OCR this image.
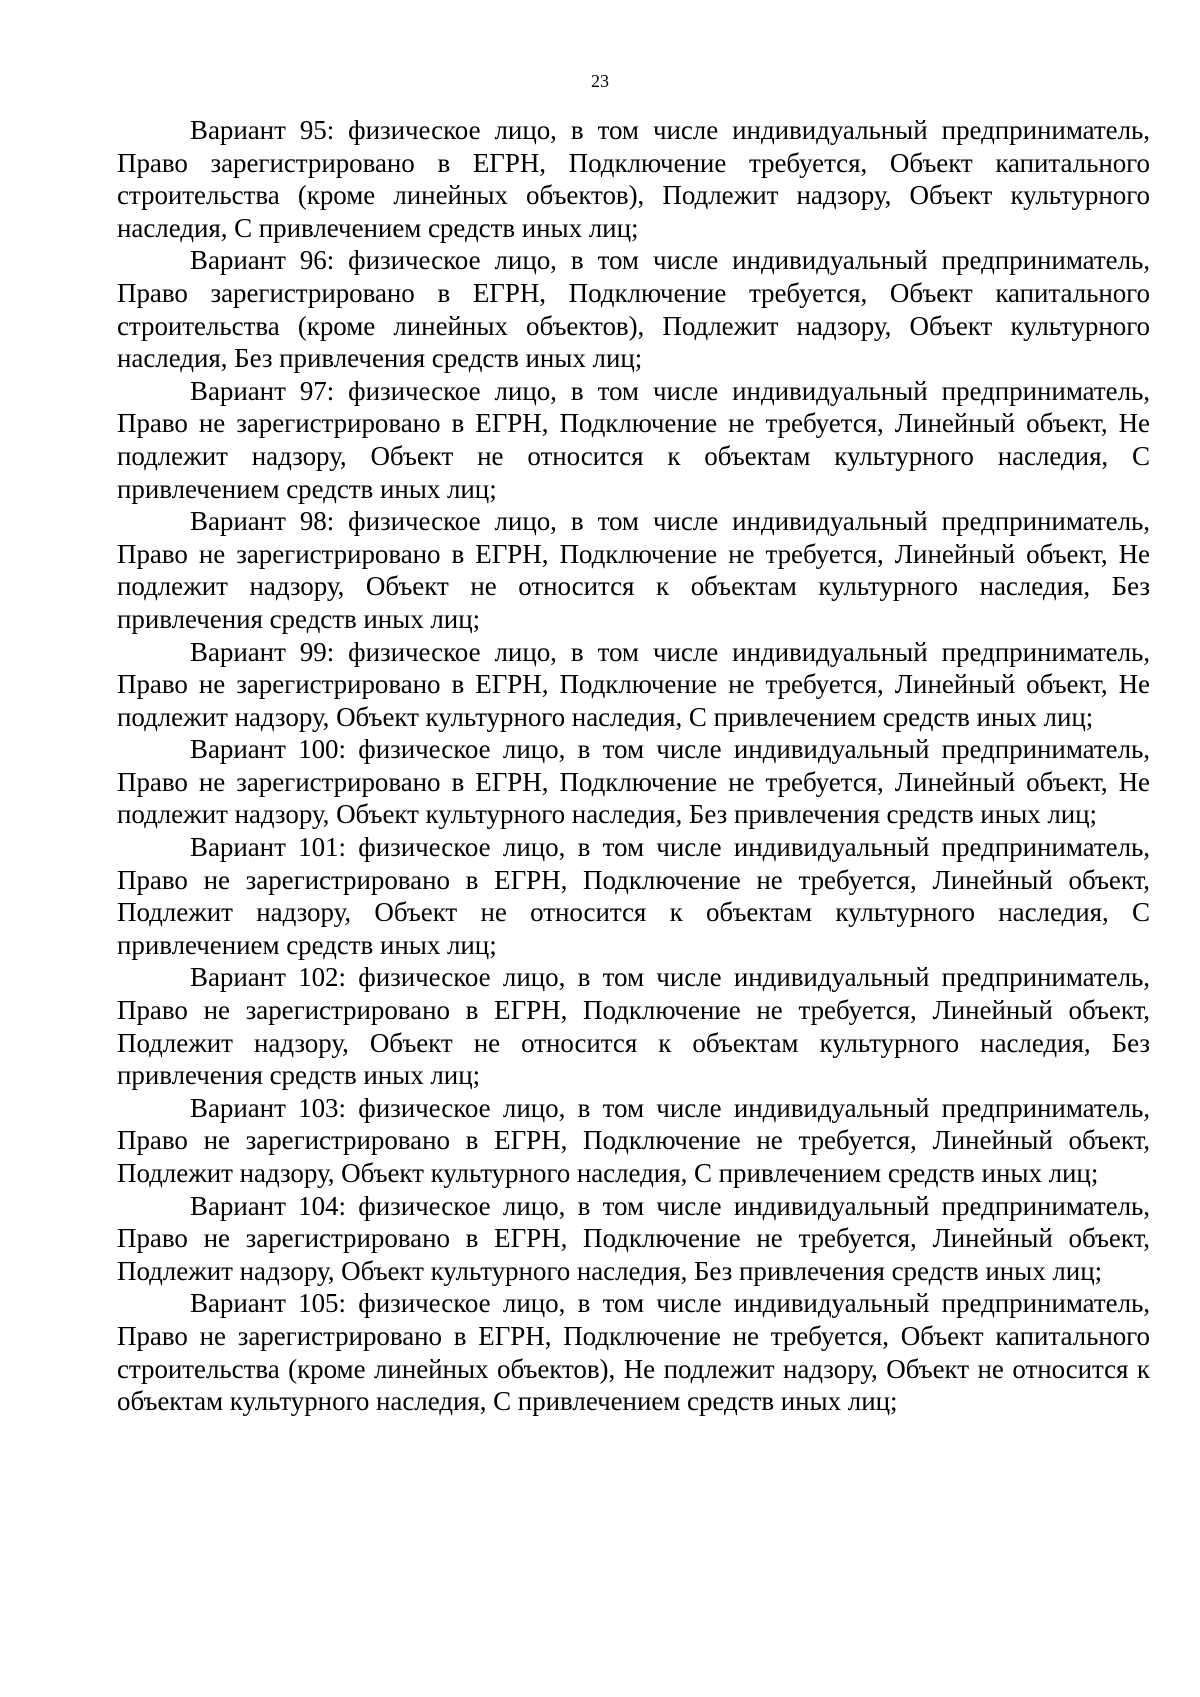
23

Вариант 95: физическое лицо, в том числе индивидуальный предприниматель, Право зарегистрировано в ЕГРН, Подключение требуется, Объект капитального строительства (кроме линейных объектов), Подлежит надзору, Объект культурного наследия, С привлечением средств иных лиц;

Вариант 96: физическое лицо, в том числе индивидуальный предприниматель, Право зарегистрировано в ЕГРН, Подключение требуется, Объект капитального строительства (кроме линейных объектов), Подлежит надзору, Объект культурного наследия, Без привлечения средств иных лиц;

Вариант 97: физическое лицо, в том числе индивидуальный предприниматель, Право не зарегистрировано в ЕГРН, Подключение не требуется, Линейный объект, Не подлежит надзору, Объект не относится к объектам культурного наследия, С привлечением средств иных лиц;

Вариант 98: физическое лицо, в том числе индивидуальный предприниматель, Право не зарегистрировано в ЕГРН, Подключение не требуется, Линейный объект, Не подлежит надзору, Объект не относится к объектам культурного наследия, Без привлечения средств иных лиц;

Вариант 99: физическое лицо, в том числе индивидуальный предприниматель, Право не зарегистрировано в ЕГРН, Подключение не требуется, Линейный объект, Не подлежит надзору, Объект культурного наследия, С привлечением средств иных лиц;

Вариант 100: физическое лицо, в том числе индивидуальный предприниматель, Право не зарегистрировано в ЕГРН, Подключение не требуется, Линейный объект, Не подлежит надзору, Объект культурного наследия, Без привлечения средств иных лиц;

Вариант 101: физическое лицо, в том числе индивидуальный предприниматель, Право не зарегистрировано в ЕГРН, Подключение не требуется, Линейный объект, Подлежит надзору, Объект не относится к объектам культурного наследия, С привлечением средств иных лиц;

Вариант 102: физическое лицо, в том числе индивидуальный предприниматель, Право не зарегистрировано в ЕГРН, Подключение не требуется, Линейный объект, Подлежит надзору, Объект не относится к объектам культурного наследия, Без привлечения средств иных лиц;

Вариант 103: физическое лицо, в том числе индивидуальный предприниматель, Право не зарегистрировано в ЕГРН, Подключение не требуется, Линейный объект, Подлежит надзору, Объект культурного наследия, С привлечением средств иных лиц;

Вариант 104: физическое лицо, в том числе индивидуальный предприниматель, Право не зарегистрировано в ЕГРН, Подключение не требуется, Линейный объект, Подлежит надзору, Объект культурного наследия, Без привлечения средств иных лиц;

Вариант 105: физическое лицо, в том числе индивидуальный предприниматель, Право не зарегистрировано в ЕГРН, Подключение не требуется, Объект капитального строительства (кроме линейных объектов), Не подлежит надзору, Объект не относится к объектам культурного наследия, С привлечением средств иных лиц;
